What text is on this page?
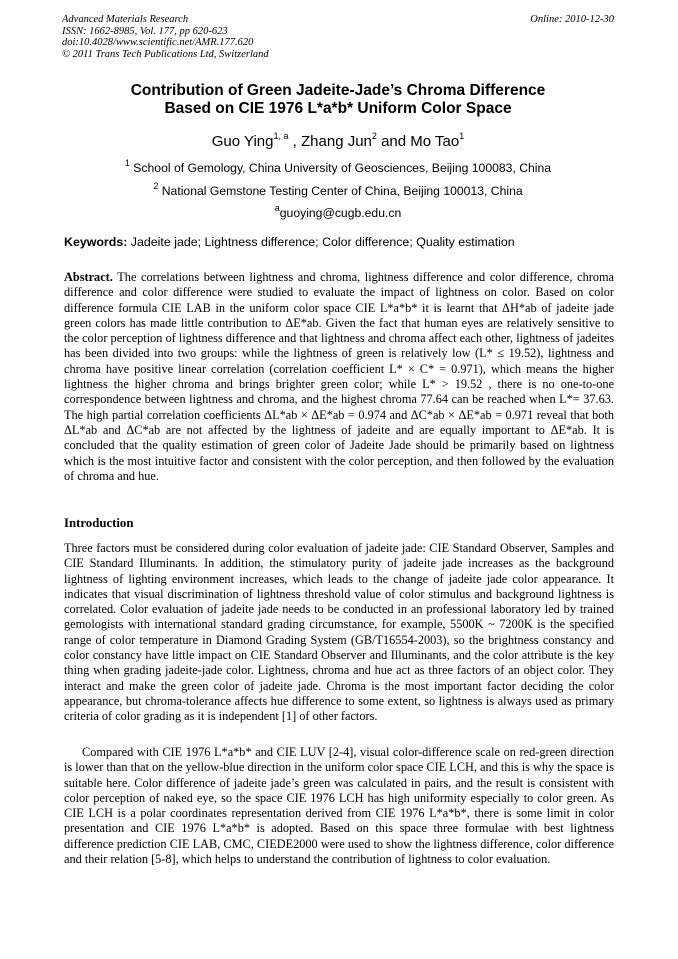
Advanced Materials Research
ISSN: 1662-8985, Vol. 177, pp 620-623
doi:10.4028/www.scientific.net/AMR.177.620
© 2011 Trans Tech Publications Ltd, Switzerland
Online: 2010-12-30
Contribution of Green Jadeite-Jade’s Chroma Difference
Based on CIE 1976 L*a*b* Uniform Color Space
Guo Ying$^{1, a}$ , Zhang Jun$^2$ and Mo Tao$^1$
$^1$ School of Gemology, China University of Geosciences, Beijing 100083, China
$^2$ National Gemstone Testing Center of China, Beijing 100013, China
$^a$guoying@cugb.edu.cn
Keywords: Jadeite jade; Lightness difference; Color difference; Quality estimation

Abstract. The correlations between lightness and chroma, lightness difference and color difference, chroma difference and color difference were studied to evaluate the impact of lightness on color. Based on color difference formula CIE LAB in the uniform color space CIE L*a*b* it is learnt that ΔH*ab of jadeite jade green colors has made little contribution to ΔE*ab. Given the fact that human eyes are relatively sensitive to the color perception of lightness difference and that lightness and chroma affect each other, lightness of jadeites has been divided into two groups: while the lightness of green is relatively low (L* ≤ 19.52), lightness and chroma have positive linear correlation (correlation coefficient L* × C* = 0.971), which means the higher lightness the higher chroma and brings brighter green color; while L* > 19.52 , there is no one-to-one correspondence between lightness and chroma, and the highest chroma 77.64 can be reached when L*= 37.63. The high partial correlation coefficients ΔL*ab × ΔE*ab = 0.974 and ΔC*ab × ΔE*ab = 0.971 reveal that both ΔL*ab and ΔC*ab are not affected by the lightness of jadeite and are equally important to ΔE*ab. It is concluded that the quality estimation of green color of Jadeite Jade should be primarily based on lightness which is the most intuitive factor and consistent with the color perception, and then followed by the evaluation of chroma and hue.

Introduction

Three factors must be considered during color evaluation of jadeite jade: CIE Standard Observer, Samples and CIE Standard Illuminants. In addition, the stimulatory purity of jadeite jade increases as the background lightness of lighting environment increases, which leads to the change of jadeite jade color appearance. It indicates that visual discrimination of lightness threshold value of color stimulus and background lightness is correlated. Color evaluation of jadeite jade needs to be conducted in an professional laboratory led by trained gemologists with international standard grading circumstance, for example, 5500K ~ 7200K is the specified range of color temperature in Diamond Grading System (GB/T16554-2003), so the brightness constancy and color constancy have little impact on CIE Standard Observer and Illuminants, and the color attribute is the key thing when grading jadeite-jade color. Lightness, chroma and hue act as three factors of an object color. They interact and make the green color of jadeite jade. Chroma is the most important factor deciding the color appearance, but chroma-tolerance affects hue difference to some extent, so lightness is always used as primary criteria of color grading as it is independent [1] of other factors.

Compared with CIE 1976 L*a*b* and CIE LUV [2-4], visual color-difference scale on red-green direction is lower than that on the yellow-blue direction in the uniform color space CIE LCH, and this is why the space is suitable here. Color difference of jadeite jade’s green was calculated in pairs, and the result is consistent with color perception of naked eye, so the space CIE 1976 LCH has high uniformity especially to color green. As CIE LCH is a polar coordinates representation derived from CIE 1976 L*a*b*, there is some limit in color presentation and CIE 1976 L*a*b* is adopted. Based on this space three formulae with best lightness difference prediction CIE LAB, CMC, CIEDE2000 were used to show the lightness difference, color difference and their relation [5-8], which helps to understand the contribution of lightness to color evaluation.
